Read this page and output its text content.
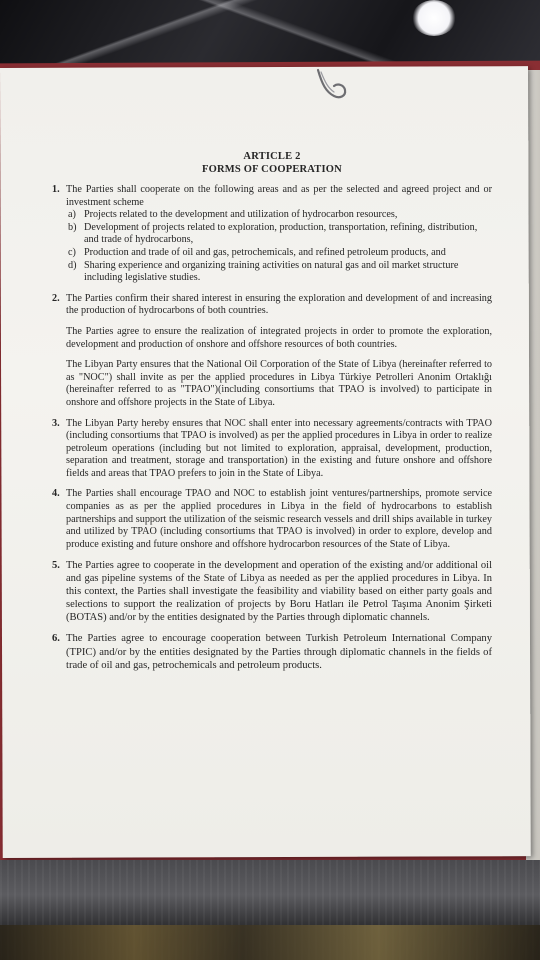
ARTICLE 2
FORMS OF COOPERATION
1. The Parties shall cooperate on the following areas and as per the selected and agreed project and or investment scheme

a) Projects related to the development and utilization of hydrocarbon resources,
b) Development of projects related to exploration, production, transportation, refining, distribution, and trade of hydrocarbons,
c) Production and trade of oil and gas, petrochemicals, and refined petroleum products, and
d) Sharing experience and organizing training activities on natural gas and oil market structure including legislative studies.
2. The Parties confirm their shared interest in ensuring the exploration and development of and increasing the production of hydrocarbons of both countries.

The Parties agree to ensure the realization of integrated projects in order to promote the exploration, development and production of onshore and offshore resources of both countries.

The Libyan Party ensures that the National Oil Corporation of the State of Libya (hereinafter referred to as "NOC") shall invite as per the applied procedures in Libya Türkiye Petrolleri Anonim Ortaklığı (hereinafter referred to as "TPAO")(including consortiums that TPAO is involved) to participate in onshore and offshore projects in the State of Libya.

3. The Libyan Party hereby ensures that NOC shall enter into necessary agreements/contracts with TPAO (including consortiums that TPAO is involved) as per the applied procedures in Libya in order to realize petroleum operations (including but not limited to exploration, appraisal, development, production, separation and treatment, storage and transportation) in the existing and future onshore and offshore fields and areas that TPAO prefers to join in the State of Libya.

4. The Parties shall encourage TPAO and NOC to establish joint ventures/partnerships, promote service companies as as per the applied procedures in Libya in the field of hydrocarbons to establish partnerships and support the utilization of the seismic research vessels and drill ships available in turkey and utilized by TPAO (including consortiums that TPAO is involved) in order to explore, develop and produce existing and future onshore and offshore hydrocarbon resources of the State of Libya.

5. The Parties agree to cooperate in the development and operation of the existing and/or additional oil and gas pipeline systems of the State of Libya as needed as per the applied procedures in Libya. In this context, the Parties shall investigate the feasibility and viability based on either party goals and selections to support the realization of projects by Boru Hatları ile Petrol Taşıma Anonim Şirketi (BOTAS) and/or by the entities designated by the Parties through diplomatic channels.

6. The Parties agree to encourage cooperation between Turkish Petroleum International Company (TPIC) and/or by the entities designated by the Parties through diplomatic channels in the fields of trade of oil and gas, petrochemicals and petroleum products.
